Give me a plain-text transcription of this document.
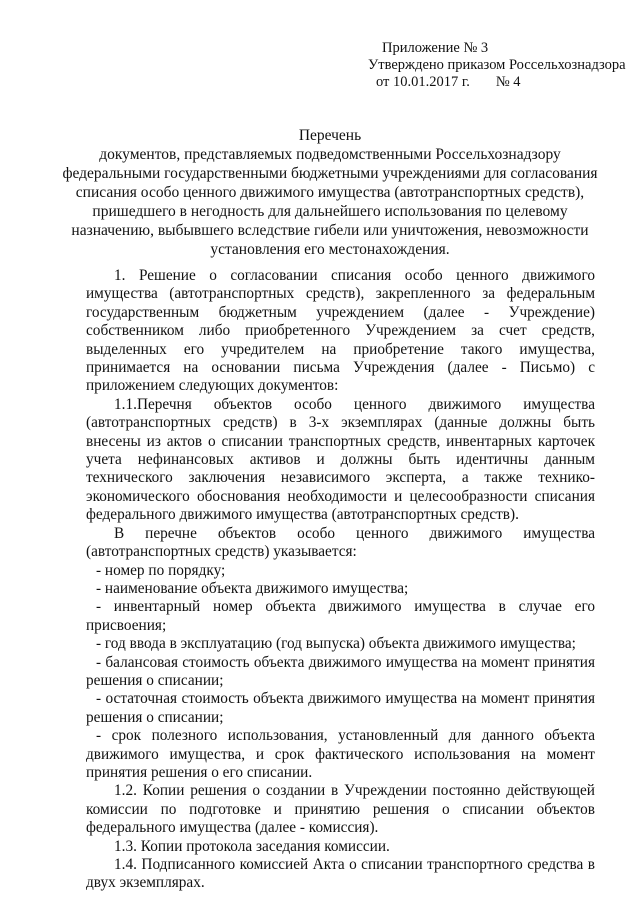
Приложение № 3
Утверждено приказом Россельхознадзора
от 10.01.2017 г. № 4
Перечень
документов, представляемых подведомственными Россельхознадзору
федеральными государственными бюджетными учреждениями для согласования
списания особо ценного движимого имущества (автотранспортных средств),
пришедшего в негодность для дальнейшего использования по целевому
назначению, выбывшего вследствие гибели или уничтожения, невозможности
установления его местонахождения.

1. Решение о согласовании списания особо ценного движимого имущества (автотранспортных средств), закрепленного за федеральным государственным бюджетным учреждением (далее - Учреждение) собственником либо приобретенного Учреждением за счет средств, выделенных его учредителем на приобретение такого имущества, принимается на основании письма Учреждения (далее - Письмо) с приложением следующих документов:

1.1.Перечня объектов особо ценного движимого имущества (автотранспортных средств) в 3-х экземплярах (данные должны быть внесены из актов о списании транспортных средств, инвентарных карточек учета нефинансовых активов и должны быть идентичны данным технического заключения независимого эксперта, а также технико-экономического обоснования необходимости и целесообразности списания федерального движимого имущества (автотранспортных средств).

В перечне объектов особо ценного движимого имущества (автотранспортных средств) указывается:

- номер по порядку;

- наименование объекта движимого имущества;

- инвентарный номер объекта движимого имущества в случае его присвоения;

- год ввода в эксплуатацию (год выпуска) объекта движимого имущества;

- балансовая стоимость объекта движимого имущества на момент принятия решения о списании;

- остаточная стоимость объекта движимого имущества на момент принятия решения о списании;

- срок полезного использования, установленный для данного объекта движимого имущества, и срок фактического использования на момент принятия решения о его списании.

1.2. Копии решения о создании в Учреждении постоянно действующей комиссии по подготовке и принятию решения о списании объектов федерального имущества (далее - комиссия).

1.3. Копии протокола заседания комиссии.

1.4. Подписанного комиссией Акта о списании транспортного средства в двух экземплярах.
